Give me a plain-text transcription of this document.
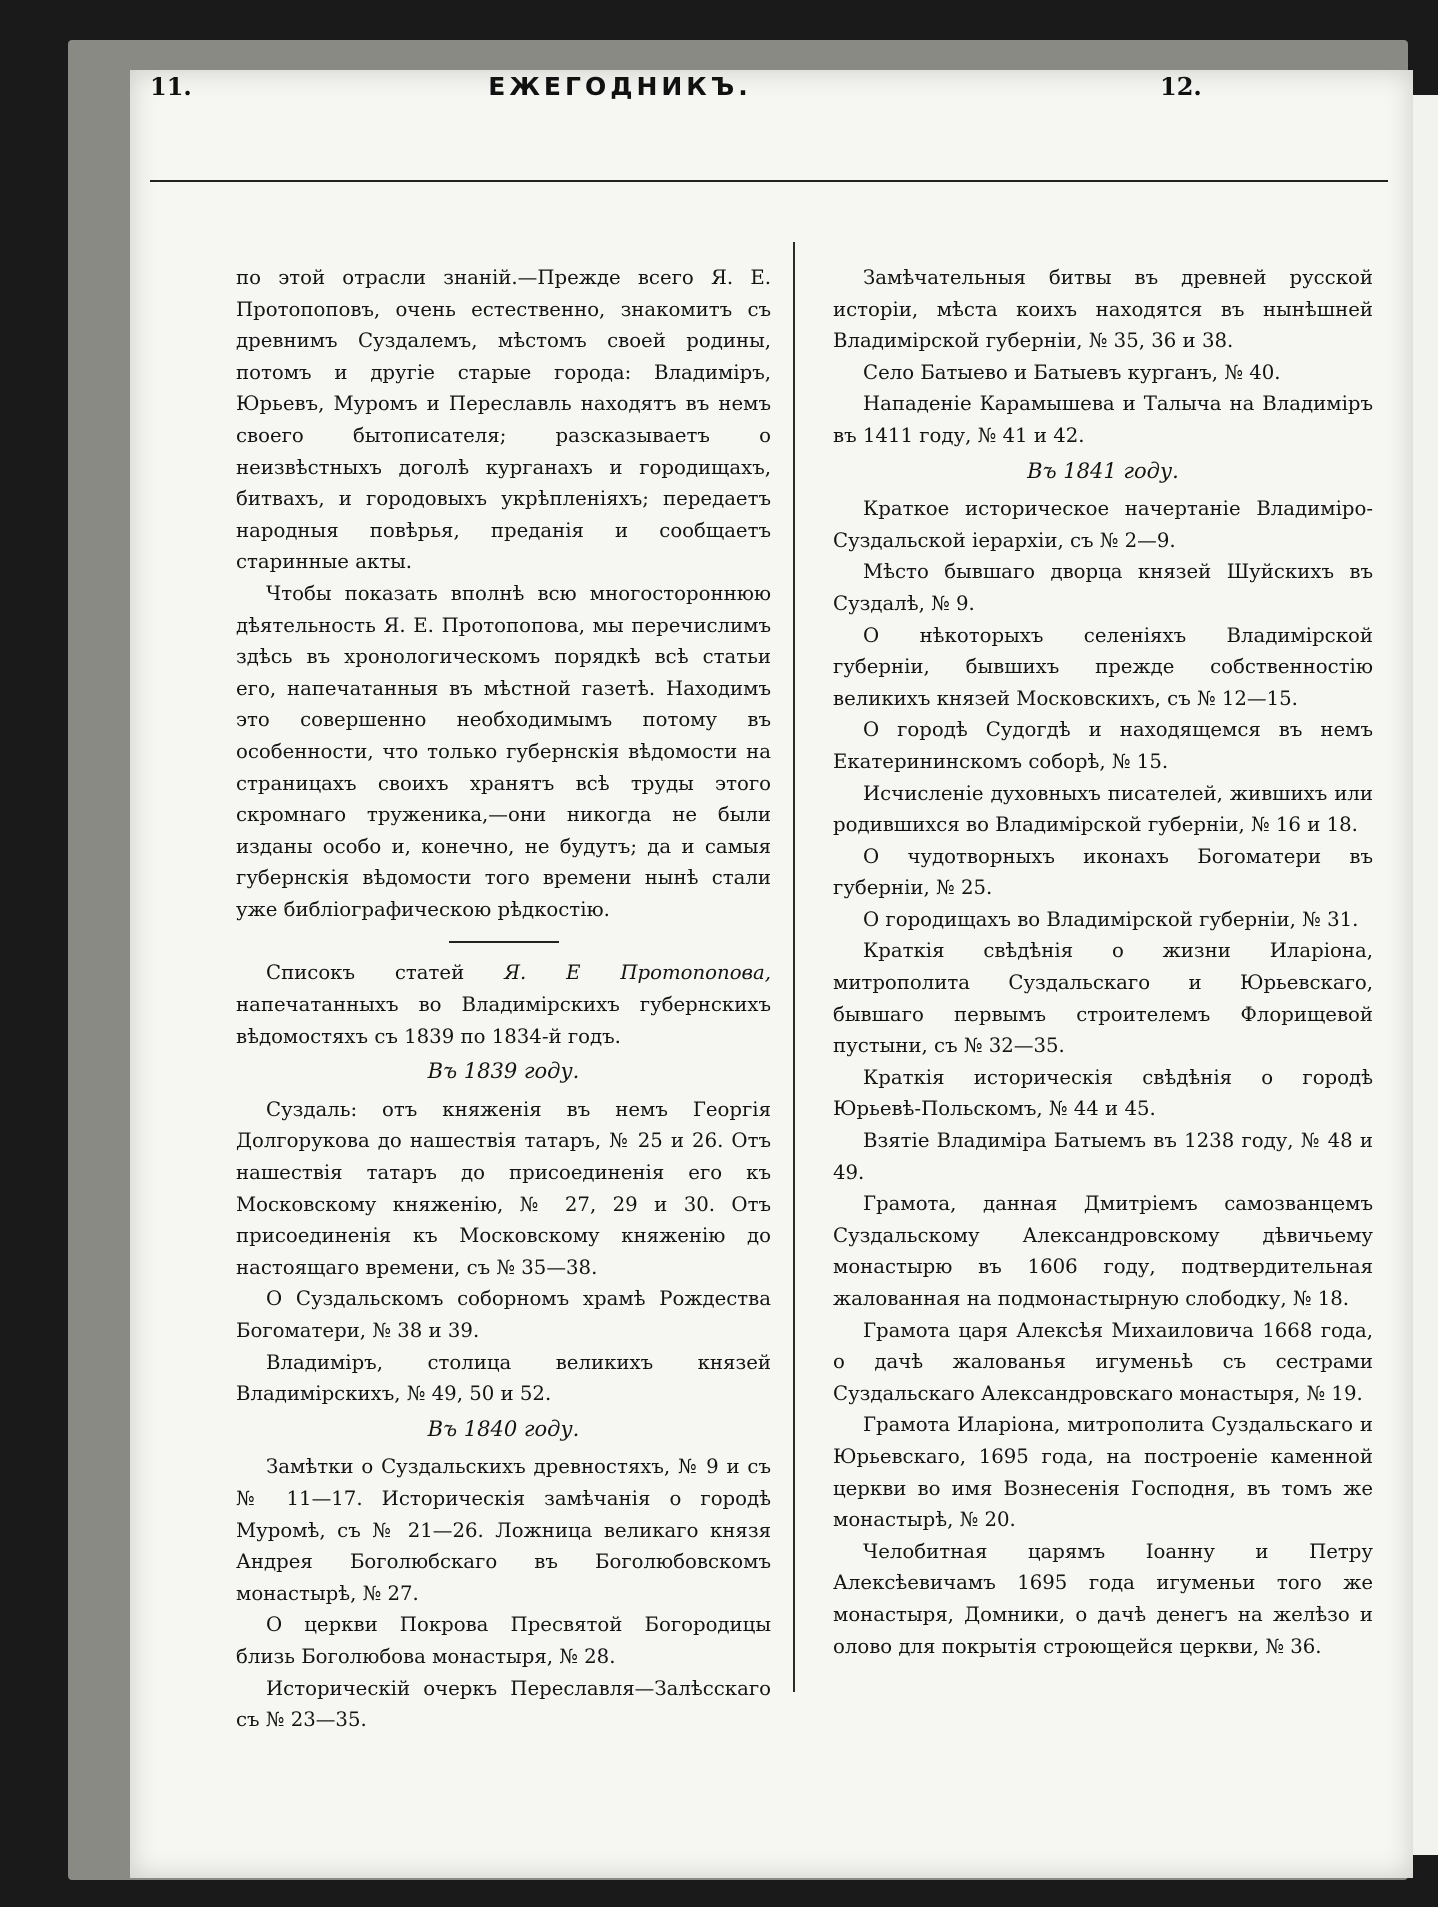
11.	ЕЖЕГОДНИКЪ.	12.

по этой отрасли знаній.—Прежде всего Я. Е. Протопоповъ, очень естественно, знакомитъ съ древнимъ Суздалемъ, мѣстомъ своей родины, потомъ и другіе старые города: Владиміръ, Юрьевъ, Муромъ и Переславль находятъ въ немъ своего бытописателя; разсказываетъ о неизвѣстныхъ доголѣ курганахъ и городищахъ, битвахъ, и городовыхъ укрѣпленіяхъ; передаетъ народныя повѣрья, преданія и сообщаетъ старинные акты.

Чтобы показать вполнѣ всю многостороннюю дѣятельность Я. Е. Протопопова, мы перечислимъ здѣсь въ хронологическомъ порядкѣ всѣ статьи его, напечатанныя въ мѣстной газетѣ. Находимъ это совершенно необходимымъ потому въ особенности, что только губернскія вѣдомости на страницахъ своихъ хранятъ всѣ труды этого скромнаго труженика,—они никогда не были изданы особо и, конечно, не будутъ; да и самыя губернскія вѣдомости того времени нынѣ стали уже библіографическою рѣдкостію.

Списокъ статей Я. Е Протопопова, напечатанныхъ во Владимірскихъ губернскихъ вѣдомостяхъ съ 1839 по 1834-й годъ.

Въ 1839 году.

Суздаль: отъ княженія въ немъ Георгія Долгорукова до нашествія татаръ, № 25 и 26. Отъ нашествія татаръ до присоединенія его къ Московскому княженію, № 27, 29 и 30. Отъ присоединенія къ Московскому княженію до настоящаго времени, съ № 35—38.

О Суздальскомъ соборномъ храмѣ Рождества Богоматери, № 38 и 39.

Владиміръ, столица великихъ князей Владимірскихъ, № 49, 50 и 52.

Въ 1840 году.

Замѣтки о Суздальскихъ древностяхъ, № 9 и съ № 11—17. Историческія замѣчанія о городѣ Муромѣ, съ № 21—26. Ложница великаго князя Андрея Боголюбскаго въ Боголюбовскомъ монастырѣ, № 27.

О церкви Покрова Пресвятой Богородицы близь Боголюбова монастыря, № 28.

Историческій очеркъ Переславля—Залѣсскаго съ № 23—35.

Замѣчательныя битвы въ древней русской исторіи, мѣста коихъ находятся въ нынѣшней Владимірской губерніи, № 35, 36 и 38.

Село Батыево и Батыевъ курганъ, № 40.

Нападеніе Карамышева и Талыча на Владиміръ въ 1411 году, № 41 и 42.

Въ 1841 году.

Краткое историческое начертаніе Владиміро-Суздальской іерархіи, съ № 2—9.

Мѣсто бывшаго дворца князей Шуйскихъ въ Суздалѣ, № 9.

О нѣкоторыхъ селеніяхъ Владимірской губерніи, бывшихъ прежде собственностію великихъ князей Московскихъ, съ № 12—15.

О городѣ Судогдѣ и находящемся въ немъ Екатерининскомъ соборѣ, № 15.

Исчисленіе духовныхъ писателей, жившихъ или родившихся во Владимірской губерніи, № 16 и 18.

О чудотворныхъ иконахъ Богоматери въ губерніи, № 25.

О городищахъ во Владимірской губерніи, № 31.

Краткія свѣдѣнія о жизни Иларіона, митрополита Суздальскаго и Юрьевскаго, бывшаго первымъ строителемъ Флорищевой пустыни, съ № 32—35.

Краткія историческія свѣдѣнія о городѣ Юрьевѣ-Польскомъ, № 44 и 45.

Взятіе Владиміра Батыемъ въ 1238 году, № 48 и 49.

Грамота, данная Дмитріемъ самозванцемъ Суздальскому Александровскому дѣвичьему монастырю въ 1606 году, подтвердительная жалованная на подмонастырную слободку, № 18.

Грамота царя Алексѣя Михаиловича 1668 года, о дачѣ жалованья игуменьѣ съ сестрами Суздальскаго Александровскаго монастыря, № 19.

Грамота Иларіона, митрополита Суздальскаго и Юрьевскаго, 1695 года, на построеніе каменной церкви во имя Вознесенія Господня, въ томъ же монастырѣ, № 20.

Челобитная царямъ Іоанну и Петру Алексѣевичамъ 1695 года игуменьи того же монастыря, Домники, о дачѣ денегъ на желѣзо и олово для покрытія строющейся церкви, № 36.
